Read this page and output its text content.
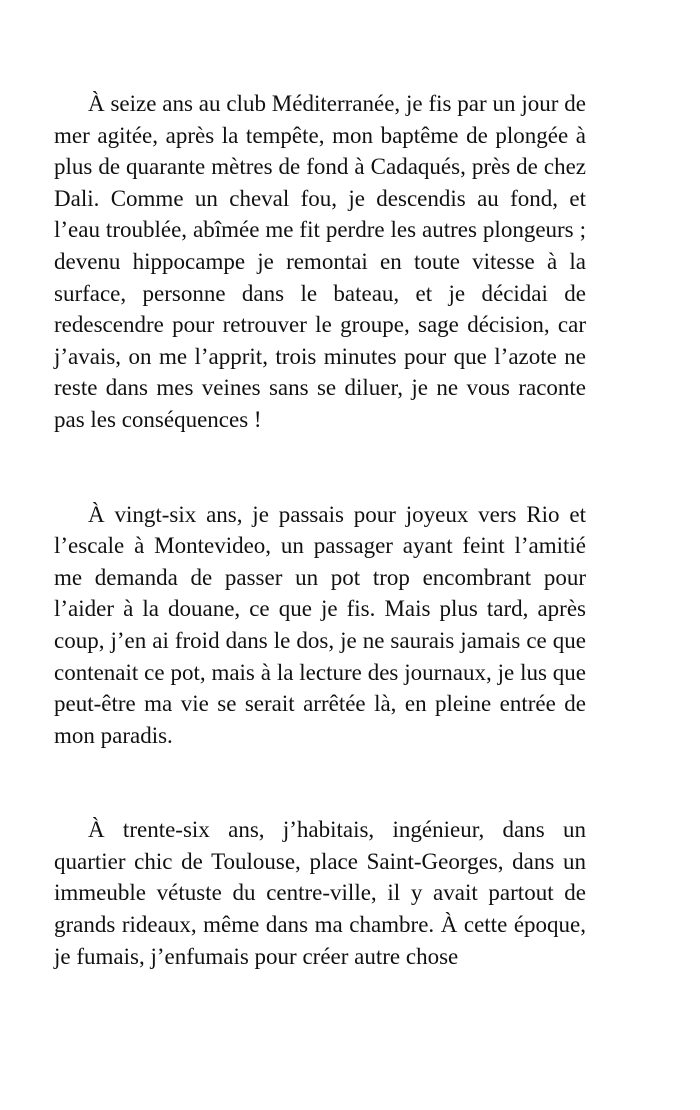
À seize ans au club Méditerranée, je fis par un jour de mer agitée, après la tempête, mon baptême de plongée à plus de quarante mètres de fond à Cadaqués, près de chez Dali. Comme un cheval fou, je descendis au fond, et l’eau troublée, abîmée me fit perdre les autres plongeurs ; devenu hippocampe je remontai en toute vitesse à la surface, personne dans le bateau, et je décidai de redescendre pour retrouver le groupe, sage décision, car j’avais, on me l’apprit, trois minutes pour que l’azote ne reste dans mes veines sans se diluer, je ne vous raconte pas les conséquences !

À vingt-six ans, je passais pour joyeux vers Rio et l’escale à Montevideo, un passager ayant feint l’amitié me demanda de passer un pot trop encombrant pour l’aider à la douane, ce que je fis. Mais plus tard, après coup, j’en ai froid dans le dos, je ne saurais jamais ce que contenait ce pot, mais à la lecture des journaux, je lus que peut-être ma vie se serait arrêtée là, en pleine entrée de mon paradis.

À trente-six ans, j’habitais, ingénieur, dans un quartier chic de Toulouse, place Saint-Georges, dans un immeuble vétuste du centre-ville, il y avait partout de grands rideaux, même dans ma chambre. À cette époque, je fumais, j’enfumais pour créer autre chose
